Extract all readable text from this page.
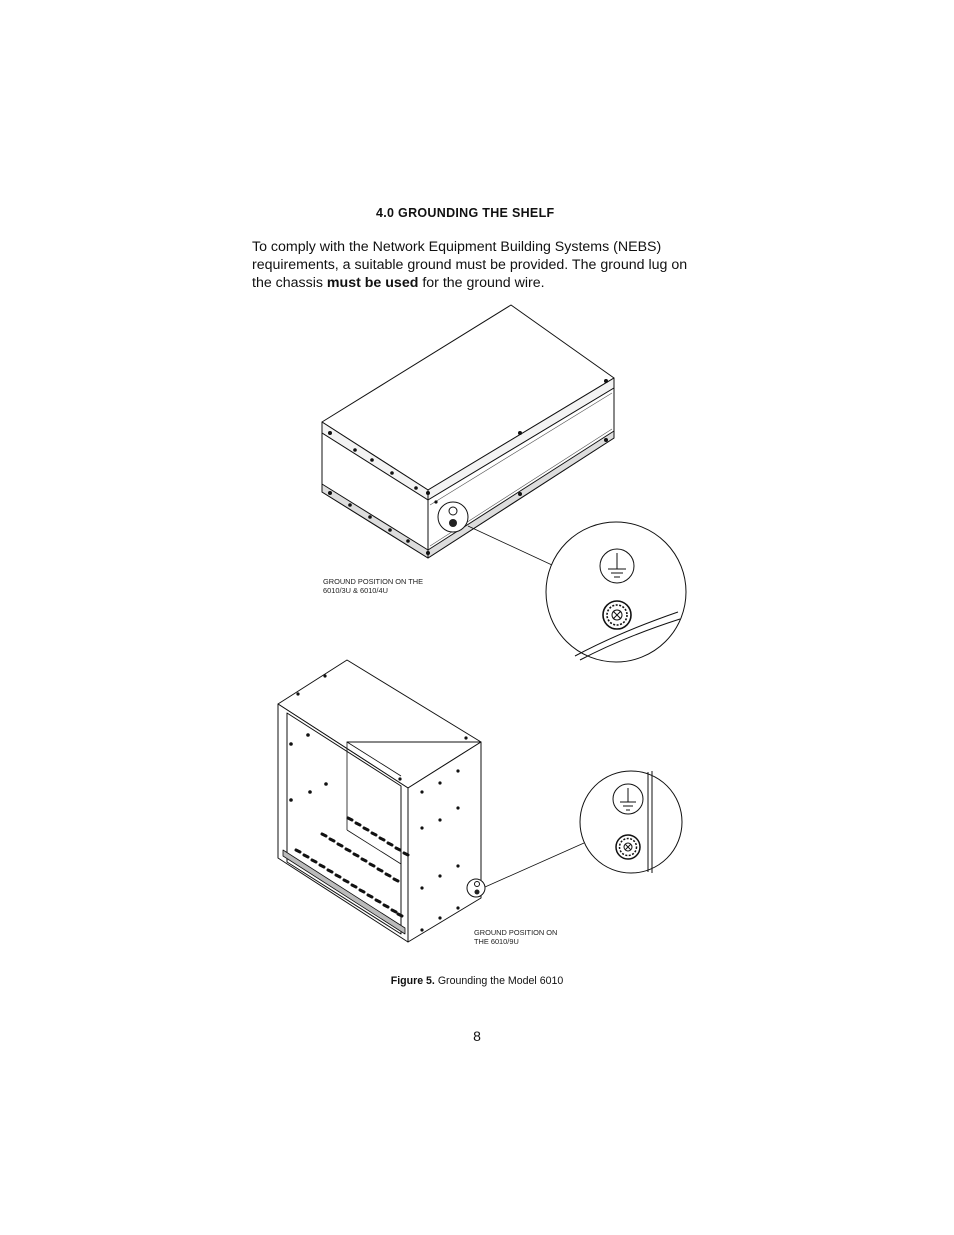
4.0 GROUNDING THE SHELF

To comply with the Network Equipment Building Systems (NEBS) requirements, a suitable ground must be provided. The ground lug on the chassis must be used for the ground wire.

GROUND POSITION ON THE
6010/3U & 6010/4U
GROUND POSITION ON
THE 6010/9U

Figure 5. Grounding the Model 6010

8
